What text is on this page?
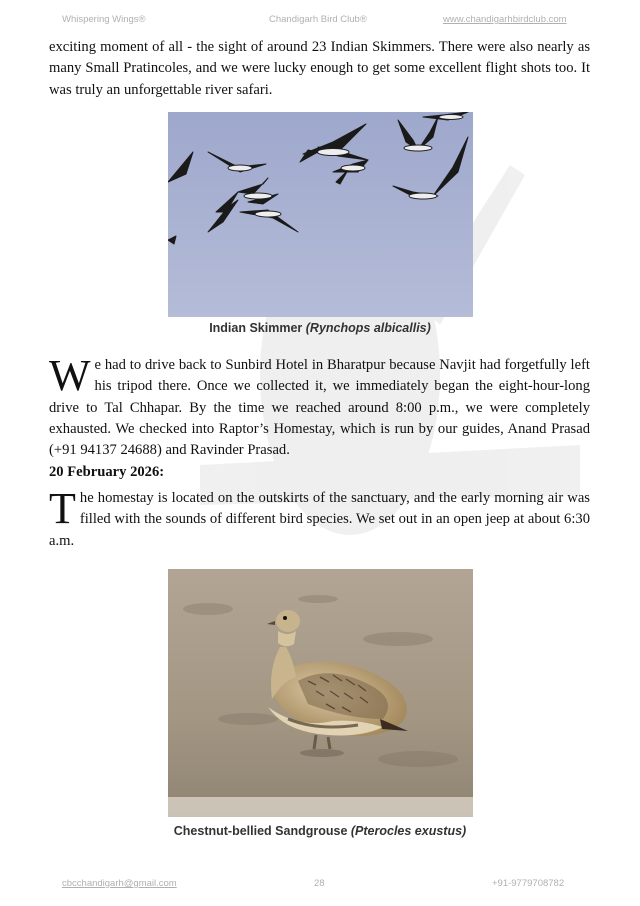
Whispering Wings®	Chandigarh Bird Club®	www.chandigarhbirdclub.com
exciting moment of all - the sight of around 23 Indian Skimmers. There were also nearly as many Small Pratincoles, and we were lucky enough to get some excellent flight shots too. It was truly an unforgettable river safari.
Indian Skimmer (Rynchops albicallis)
We had to drive back to Sunbird Hotel in Bharatpur because Navjit had forgetfully left his tripod there. Once we collected it, we immediately began the eight-hour-long drive to Tal Chhapar. By the time we reached around 8:00 p.m., we were completely exhausted. We checked into Raptor’s Homestay, which is run by our guides, Anand Prasad (+91 94137 24688) and Ravinder Prasad.
20 February 2026:
The homestay is located on the outskirts of the sanctuary, and the early morning air was filled with the sounds of different bird species. We set out in an open jeep at about 6:30 a.m.
Chestnut-bellied Sandgrouse (Pterocles exustus)
cbcchandigarh@gmail.com	28	+91-9779708782
